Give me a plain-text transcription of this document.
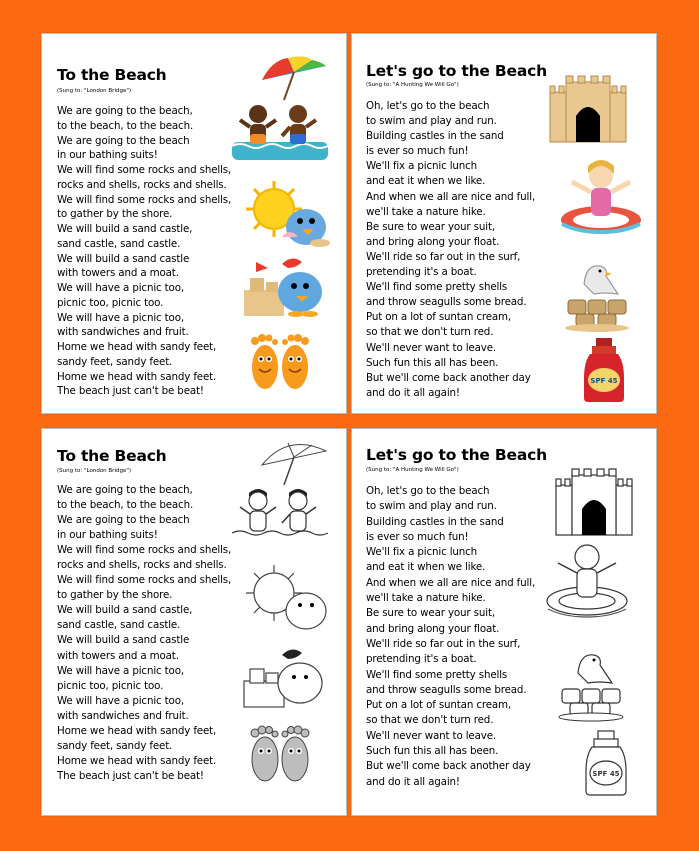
To the Beach
(Sung to: "London Bridge")
We are going to the beach,
to the beach, to the beach.
We are going to the beach
in our bathing suits!
We will find some rocks and shells,
rocks and shells, rocks and shells.
We will find some rocks and shells,
to gather by the shore.
We will build a sand castle,
sand castle, sand castle.
We will build a sand castle
with towers and a moat.
We will have a picnic too,
picnic too, picnic too.
We will have a picnic too,
with sandwiches and fruit.
Home we head with sandy feet,
sandy feet, sandy feet.
Home we head with sandy feet.
The beach just can't be beat!
Let's go to the Beach
(Sung to: "A Hunting We Will Go")
Oh, let's go to the beach
to swim and play and run.
Building castles in the sand
is ever so much fun!
We'll fix a picnic lunch
and eat it when we like.
And when we all are nice and full,
we'll take a nature hike.
Be sure to wear your suit,
and bring along your float.
We'll ride so far out in the surf,
pretending it's a boat.
We'll find some pretty shells
and throw seagulls some bread.
Put on a lot of suntan cream,
so that we don't turn red.
We'll never want to leave.
Such fun this all has been.
But we'll come back another day
and do it all again!
SPF 45
To the Beach
(Sung to: "London Bridge")
We are going to the beach,
to the beach, to the beach.
We are going to the beach
in our bathing suits!
We will find some rocks and shells,
rocks and shells, rocks and shells.
We will find some rocks and shells,
to gather by the shore.
We will build a sand castle,
sand castle, sand castle.
We will build a sand castle
with towers and a moat.
We will have a picnic too,
picnic too, picnic too.
We will have a picnic too,
with sandwiches and fruit.
Home we head with sandy feet,
sandy feet, sandy feet.
Home we head with sandy feet.
The beach just can't be beat!
Let's go to the Beach
(Sung to: "A Hunting We Will Go")
Oh, let's go to the beach
to swim and play and run.
Building castles in the sand
is ever so much fun!
We'll fix a picnic lunch
and eat it when we like.
And when we all are nice and full,
we'll take a nature hike.
Be sure to wear your suit,
and bring along your float.
We'll ride so far out in the surf,
pretending it's a boat.
We'll find some pretty shells
and throw seagulls some bread.
Put on a lot of suntan cream,
so that we don't turn red.
We'll never want to leave.
Such fun this all has been.
But we'll come back another day
and do it all again!
SPF 45
